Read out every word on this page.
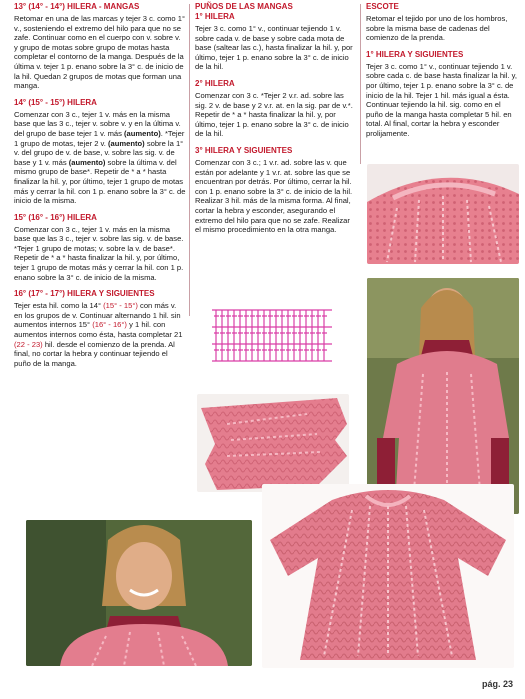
13° (14° - 14°) HILERA - MANGAS
Retomar en una de las marcas y tejer 3 c. como 1° v., sosteniendo el extremo del hilo para que no se zafe. Continuar como en el cuerpo con v. sobre v. y grupo de motas sobre grupo de motas hasta completar el contorno de la manga. Después de la última v. tejer 1 p. enano sobre la 3° c. de inicio de la hil. Quedan 2 grupos de motas que forman una manga.
14° (15° - 15°) HILERA
Comenzar con 3 c., tejer 1 v. más en la misma base que las 3 c., tejer v. sobre v. y en la última v. del grupo de base tejer 1 v. más (aumento). *Tejer 1 grupo de motas, tejer 2 v. (aumento) sobre la 1° v. del grupo de v. de base, v. sobre las sig. v. de base y 1 v. más (aumento) sobre la última v. del mismo grupo de base*. Repetir de * a * hasta finalizar la hil. y, por último, tejer 1 grupo de motas más y cerrar la hil. con 1 p. enano sobre la 3° c. de inicio de la misma.
15° (16° - 16°) HILERA
Comenzar con 3 c., tejer 1 v. más en la misma base que las 3 c., tejer v. sobre las sig. v. de base. *Tejer 1 grupo de motas; v. sobre la v. de base*. Repetir de * a * hasta finalizar la hil. y, por último, tejer 1 grupo de motas más y cerrar la hil. con 1 p. enano sobre la 3° c. de inicio de la misma.
16° (17° - 17°) HILERA Y SIGUIENTES
Tejer esta hil. como la 14° (15° - 15°) con más v. en los grupos de v. Continuar alternando 1 hil. sin aumentos internos 15° (16° - 16°) y 1 hil. con aumentos internos como ésta, hasta completar 21 (22 - 23) hil. desde el comienzo de la prenda. Al final, no cortar la hebra y continuar tejiendo el puño de la manga.
PUÑOS DE LAS MANGAS
1° HILERA
Tejer 3 c. como 1° v., continuar tejiendo 1 v. sobre cada v. de base y sobre cada mota de base (saltear las c.), hasta finalizar la hil. y, por último, tejer 1 p. enano sobre la 3° c. de inicio de la hil.
2° HILERA
Comenzar con 3 c. *Tejer 2 v.r. ad. sobre las sig. 2 v. de base y 2 v.r. at. en la sig. par de v.*. Repetir de * a * hasta finalizar la hil. y, por último, tejer 1 p. enano sobre la 3° c. de inicio de la hil.
3° HILERA Y SIGUIENTES
Comenzar con 3 c.; 1 v.r. ad. sobre las v. que están por adelante y 1 v.r. at. sobre las que se encuentran por detrás. Por último, cerrar la hil. con 1 p. enano sobre la 3° c. de inicio de la hil. Realizar 3 hil. más de la misma forma. Al final, cortar la hebra y esconder, asegurando el extremo del hilo para que no se zafe. Realizar el mismo procedimiento en la otra manga.
ESCOTE
Retomar el tejido por uno de los hombros, sobre la misma base de cadenas del comienzo de la prenda.
1° HILERA Y SIGUIENTES
Tejer 3 c. como 1° v., continuar tejiendo 1 v. sobre cada c. de base hasta finalizar la hil. y, por último, tejer 1 p. enano sobre la 3° c. de inicio de la hil. Tejer 1 hil. más igual a ésta. Continuar tejiendo la hil. sig. como en el puño de la manga hasta completar 5 hil. en total. Al final, cortar la hebra y esconder prolijamente.
pág. 23
